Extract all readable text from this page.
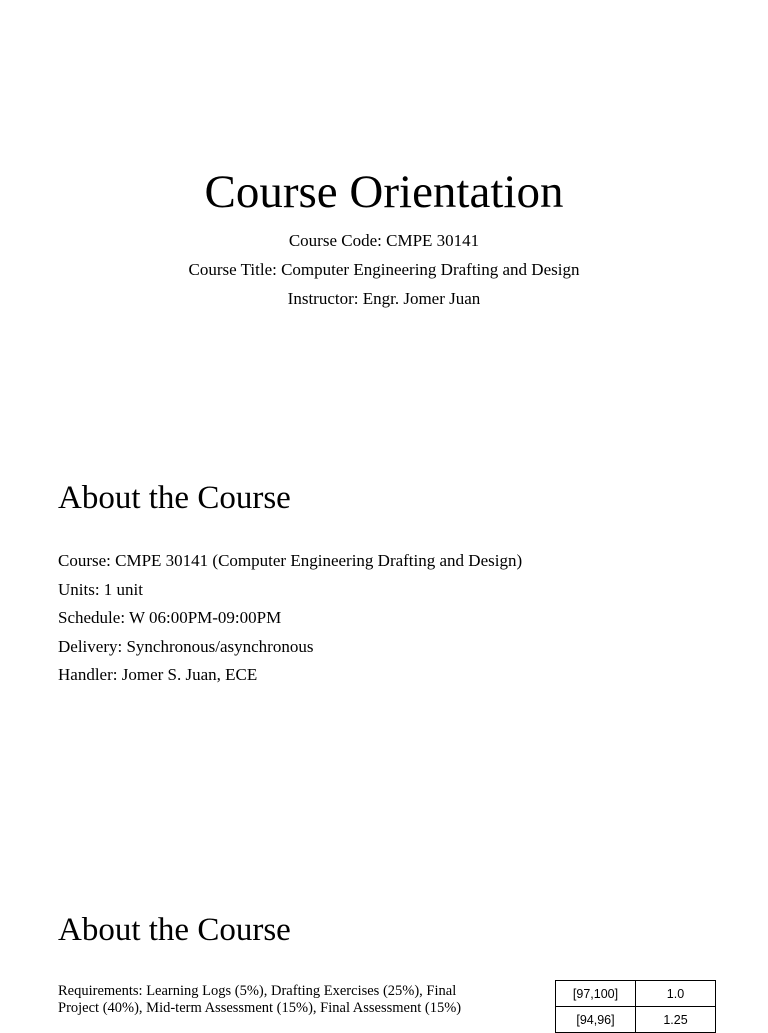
Course Orientation
Course Code: CMPE 30141
Course Title: Computer Engineering Drafting and Design
Instructor: Engr. Jomer Juan
About the Course
Course: CMPE 30141 (Computer Engineering Drafting and Design)
Units: 1 unit
Schedule: W 06:00PM-09:00PM
Delivery: Synchronous/asynchronous
Handler: Jomer S. Juan, ECE
About the Course

Requirements: Learning Logs (5%), Drafting Exercises (25%), Final Project (40%), Mid-term Assessment (15%), Final Assessment (15%)

[97,100]	1.0
[94,96]	1.25
